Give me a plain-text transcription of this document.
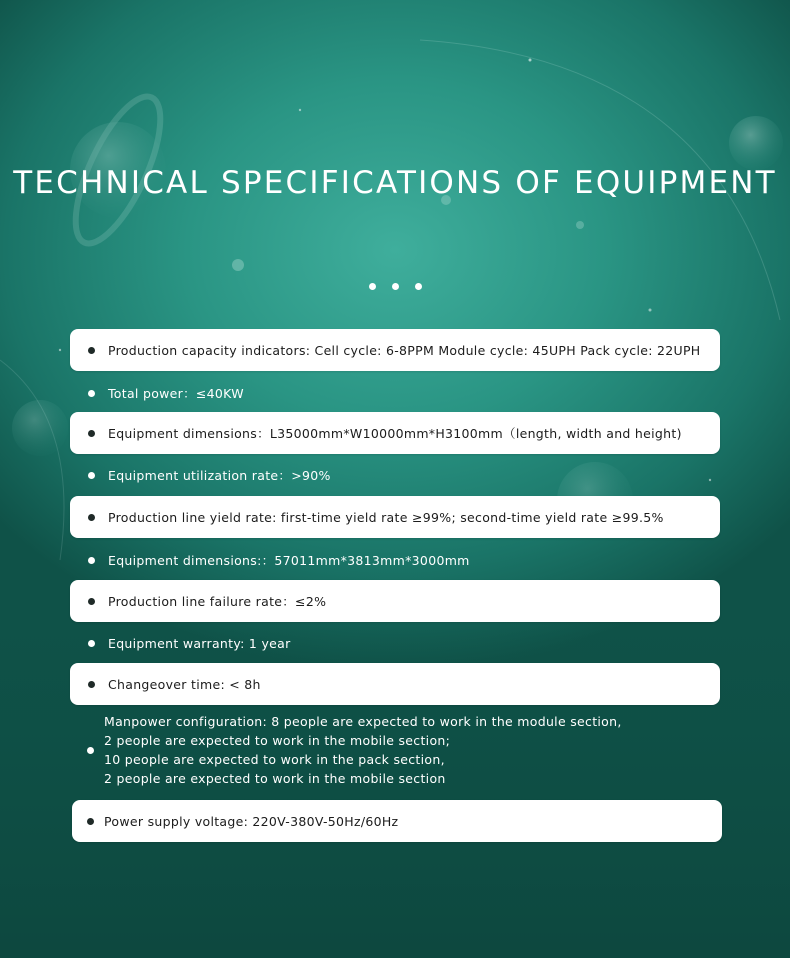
TECHNICAL SPECIFICATIONS OF EQUIPMENT
Production capacity indicators: Cell cycle: 6-8PPM Module cycle: 45UPH Pack cycle: 22UPH
Total power：≤40KW
Equipment dimensions：L35000mm*W10000mm*H3100mm（length, width and height)
Equipment utilization rate：>90%
Production line yield rate: first-time yield rate ≥99%; second-time yield rate ≥99.5%
Equipment dimensions:：57011mm*3813mm*3000mm
Production line failure rate：≤2%
Equipment warranty: 1 year
Changeover time: < 8h
Manpower configuration: 8 people are expected to work in the module section,
2 people are expected to work in the mobile section;
10 people are expected to work in the pack section,
2 people are expected to work in the mobile section
Power supply voltage: 220V-380V-50Hz/60Hz
